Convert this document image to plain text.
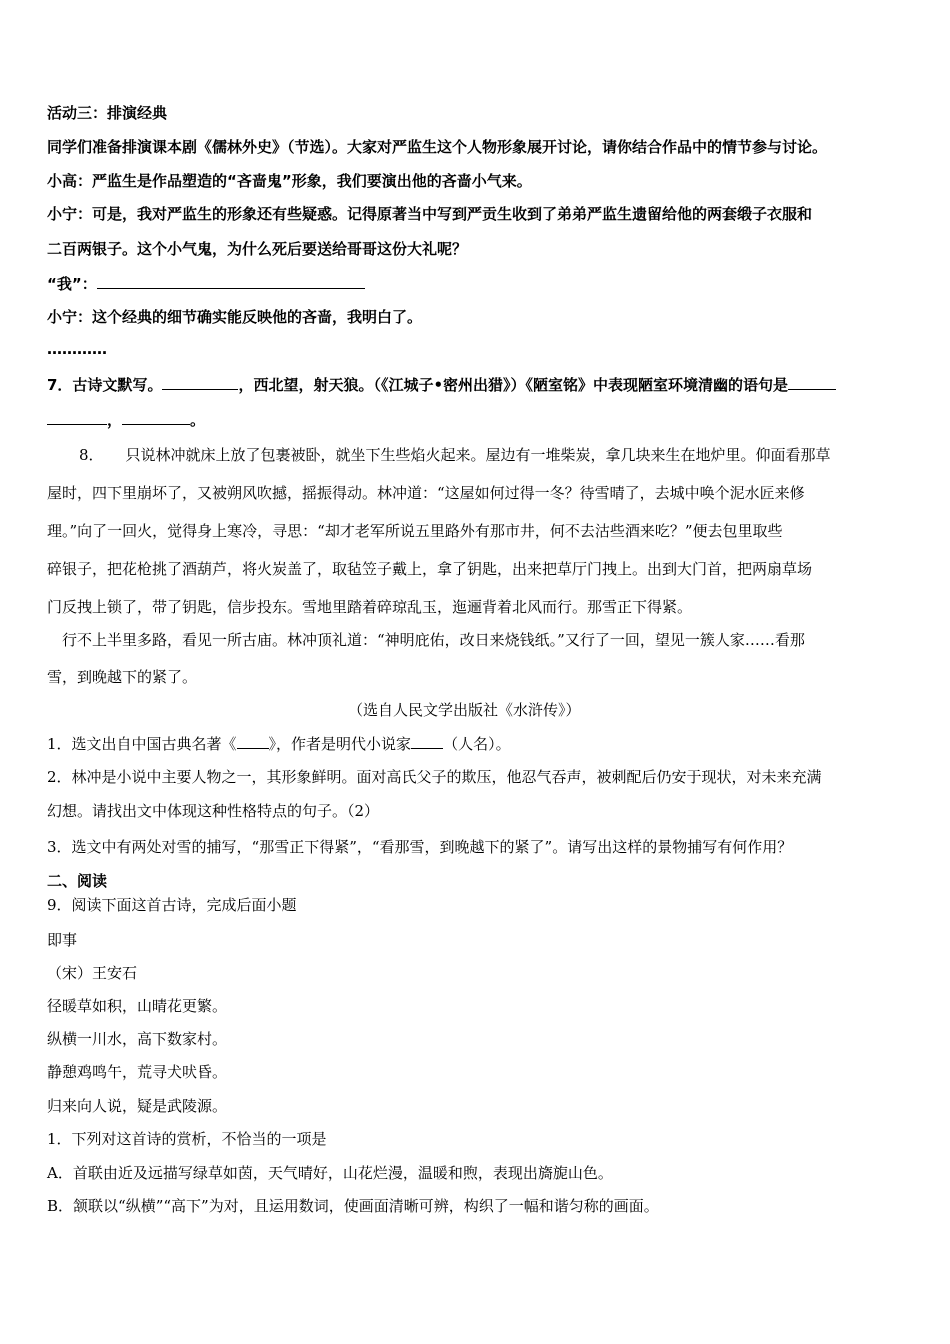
活动三：排演经典
同学们准备排演课本剧《儒林外史》（节选）。大家对严监生这个人物形象展开讨论，请你结合作品中的情节参与讨论。
小高：严监生是作品塑造的“吝啬鬼”形象，我们要演出他的吝啬小气来。
小宁：可是，我对严监生的形象还有些疑惑。记得原著当中写到严贡生收到了弟弟严监生遗留给他的两套缎子衣服和
二百两银子。这个小气鬼，为什么死后要送给哥哥这份大礼呢？
“我”：
小宁：这个经典的细节确实能反映他的吝啬，我明白了。
…………
7．古诗文默写。	，西北望，射天狼。（《江城子•密州出猎》）《陋室铭》中表现陋室环境清幽的语句是
，	。
8． 只说林冲就床上放了包裹被卧，就坐下生些焰火起来。屋边有一堆柴炭，拿几块来生在地炉里。仰面看那草
屋时，四下里崩坏了，又被朔风吹撼，摇振得动。林冲道：“这屋如何过得一冬？待雪晴了，去城中唤个泥水匠来修
理。”向了一回火，觉得身上寒冷，寻思：“却才老军所说五里路外有那市井，何不去沽些酒来吃？”便去包里取些
碎银子，把花枪挑了酒葫芦，将火炭盖了，取毡笠子戴上，拿了钥匙，出来把草厅门拽上。出到大门首，把两扇草场
门反拽上锁了，带了钥匙，信步投东。雪地里踏着碎琼乱玉，迤逦背着北风而行。那雪正下得紧。
行不上半里多路，看见一所古庙。林冲顶礼道：“神明庇佑，改日来烧钱纸。”又行了一回，望见一簇人家……看那
雪，到晚越下的紧了。
（选自人民文学出版社《水浒传》）
1．选文出自中国古典名著《 》，作者是明代小说家 （人名）。
2．林冲是小说中主要人物之一，其形象鲜明。面对高氏父子的欺压，他忍气吞声，被刺配后仍安于现状，对未来充满
幻想。请找出文中体现这种性格特点的句子。（2）
3．选文中有两处对雪的捕写，“那雪正下得紧”，“看那雪，到晚越下的紧了”。请写出这样的景物捕写有何作用？
二、阅读
9．阅读下面这首古诗，完成后面小题
即事
（宋）王安石
径暖草如积，山晴花更繁。
纵横一川水，高下数家村。
静憩鸡鸣午，荒寻犬吠昏。
归来向人说，疑是武陵源。
1．下列对这首诗的赏析，不恰当的一项是
A．首联由近及远描写绿草如茵，天气晴好，山花烂漫，温暖和煦，表现出旖旎山色。
B．颔联以“纵横”“高下”为对，且运用数词，使画面清晰可辨，构织了一幅和谐匀称的画面。
